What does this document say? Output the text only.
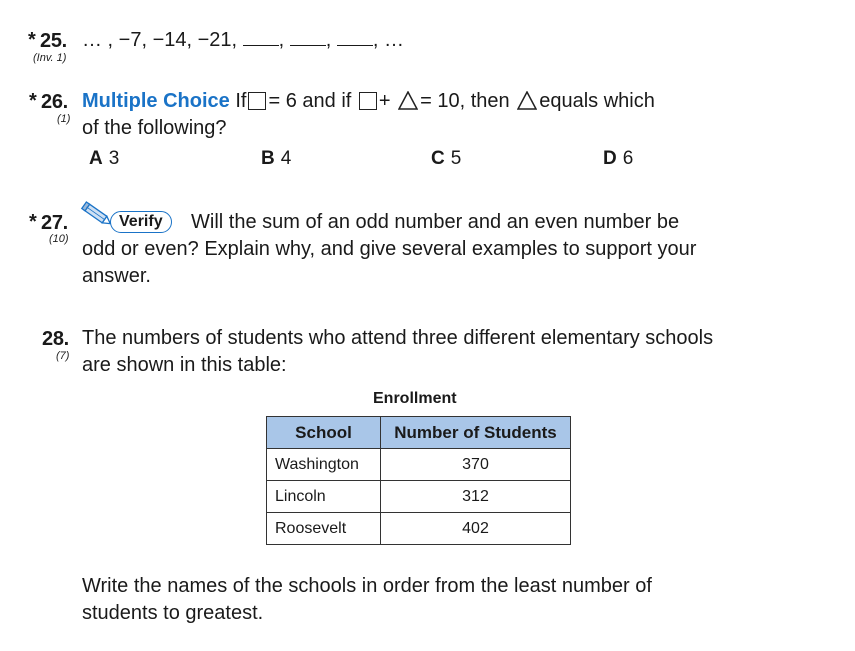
* 25.
(Inv. 1)
… , −7, −14, −21, , , , …
* 26.
(1)
Multiple Choice If = 6 and if + = 10, then equals which
of the following?
A 3	B 4	C 5	D 6
* 27.
(10)
Verify	Will the sum of an odd number and an even number be
odd or even? Explain why, and give several examples to support your
answer.
28.
(7)
The numbers of students who attend three different elementary schools
are shown in this table:
Enrollment
School	Number of Students
Washington	370
Lincoln	312
Roosevelt	402
Write the names of the schools in order from the least number of
students to greatest.
